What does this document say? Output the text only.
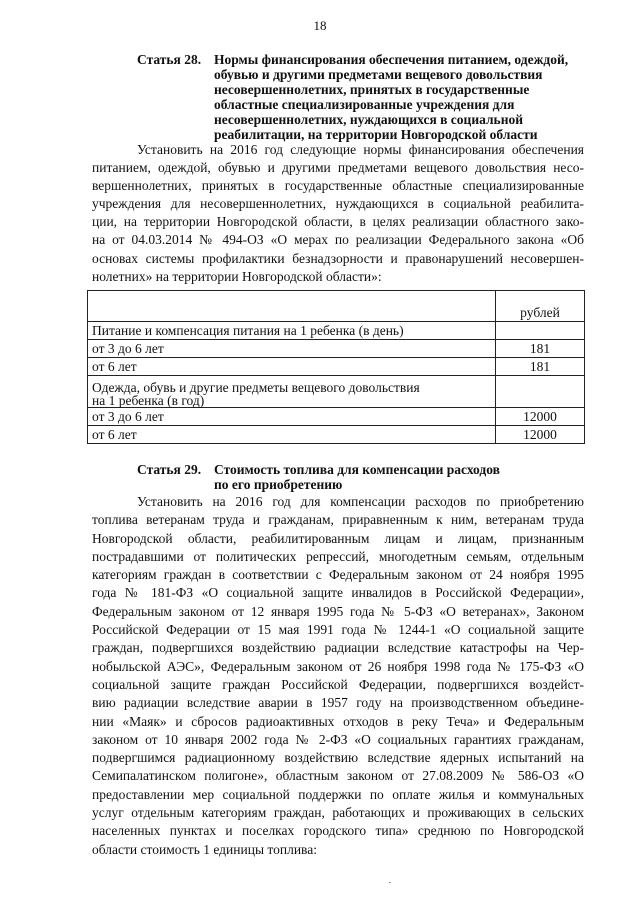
18
Статья 28. Нормы финансирования обеспечения питанием, одеждой,
обувью и другими предметами вещевого довольствия
несовершеннолетних, принятых в государственные
областные специализированные учреждения для
несовершеннолетних, нуждающихся в социальной
реабилитации, на территории Новгородской области
Установить на 2016 год следующие нормы финансирования обеспечения
питанием, одеждой, обувью и другими предметами вещевого довольствия несо-
вершеннолетних, принятых в государственные областные специализированные
учреждения для несовершеннолетних, нуждающихся в социальной реабилита-
ции, на территории Новгородской области, в целях реализации областного зако-
на от 04.03.2014 № 494-ОЗ «О мерах по реализации Федерального закона «Об
основах системы профилактики безнадзорности и правонарушений несовершен-
нолетних» на территории Новгородской области»:
	рублей
Питание и компенсация питания на 1 ребенка (в день)	
от 3 до 6 лет	181
от 6 лет	181

Одежда, обувь и другие предметы вещевого довольствия
на 1 ребенка (в год)	

от 3 до 6 лет	12000
от 6 лет	12000
Статья 29. Стоимость топлива для компенсации расходов
по его приобретению
Установить на 2016 год для компенсации расходов по приобретению
топлива ветеранам труда и гражданам, приравненным к ним, ветеранам труда
Новгородской области, реабилитированным лицам и лицам, признанным
пострадавшими от политических репрессий, многодетным семьям, отдельным
категориям граждан в соответствии с Федеральным законом от 24 ноября 1995
года № 181-ФЗ «О социальной защите инвалидов в Российской Федерации»,
Федеральным законом от 12 января 1995 года № 5-ФЗ «О ветеранах», Законом
Российской Федерации от 15 мая 1991 года № 1244-1 «О социальной защите
граждан, подвергшихся воздействию радиации вследствие катастрофы на Чер-
нобыльской АЭС», Федеральным законом от 26 ноября 1998 года № 175-ФЗ «О
социальной защите граждан Российской Федерации, подвергшихся воздейст-
вию радиации вследствие аварии в 1957 году на производственном объедине-
нии «Маяк» и сбросов радиоактивных отходов в реку Теча» и Федеральным
законом от 10 января 2002 года № 2-ФЗ «О социальных гарантиях гражданам,
подвергшимся радиационному воздействию вследствие ядерных испытаний на
Семипалатинском полигоне», областным законом от 27.08.2009 № 586-ОЗ «О
предоставлении мер социальной поддержки по оплате жилья и коммунальных
услуг отдельным категориям граждан, работающих и проживающих в сельских
населенных пунктах и поселках городского типа» среднюю по Новгородской
области стоимость 1 единицы топлива:
